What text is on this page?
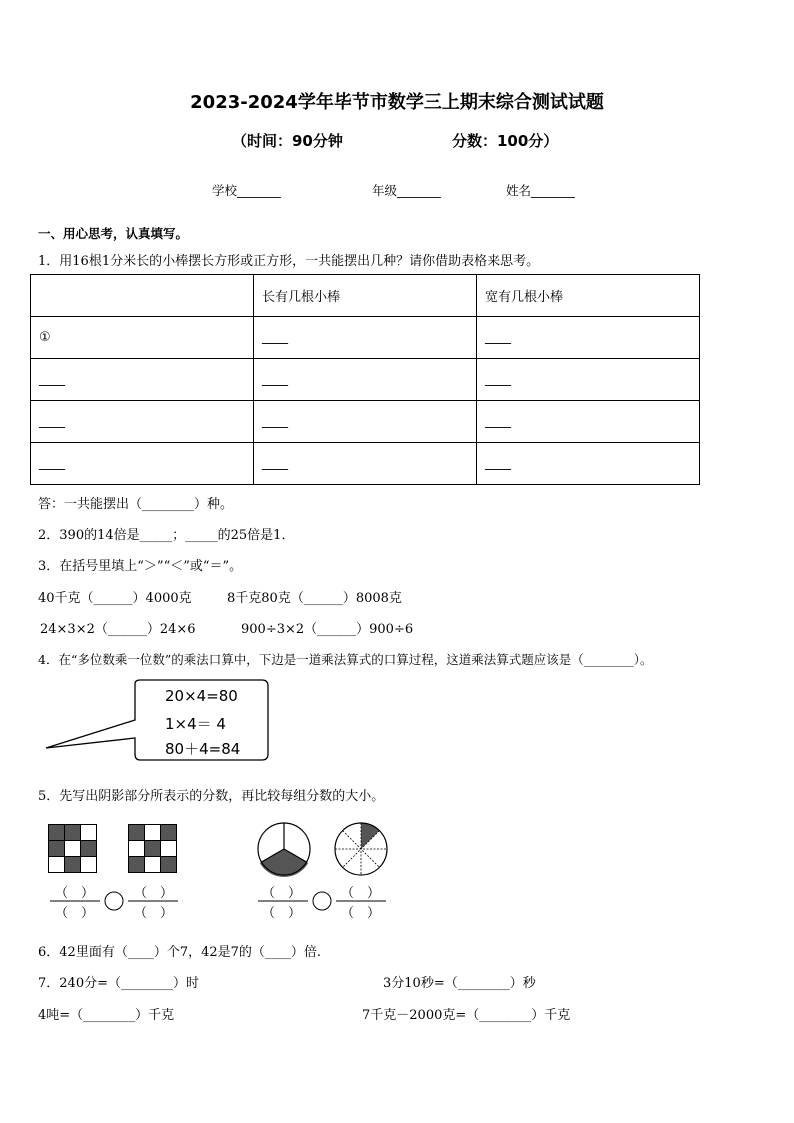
2023-2024学年毕节市数学三上期末综合测试试题
（时间：90分钟	分数：100分）
学校_______	年级_______	姓名_______
一、用心思考，认真填写。
1．用16根1分米长的小棒摆长方形或正方形，一共能摆出几种？请你借助表格来思考。
	长有几根小棒	宽有几根小棒
①	____	____
____	____	____
____	____	____
____	____	____
答：一共能摆出（________）种。
2．390的14倍是_____；_____的25倍是1．
3．在括号里填上“＞”“＜”或“＝”。
40千克（______）4000克	8千克80克（______）8008克
24×3×2（______）24×6	900÷3×2（______）900÷6
4．在“多位数乘一位数”的乘法口算中，下边是一道乘法算式的口算过程，这道乘法算式题应该是（________）。
20×4=80
1×4＝ 4
80＋4=84
5．先写出阴影部分所表示的分数，再比较每组分数的大小。
（　）
（　）
（　）
（　）
（　）
（　）
（　）
（　）
6．42里面有（____）个7，42是7的（____）倍.
7．240分=（________）时	3分10秒=（________）秒
4吨=（________）千克	7千克－2000克=（________）千克
